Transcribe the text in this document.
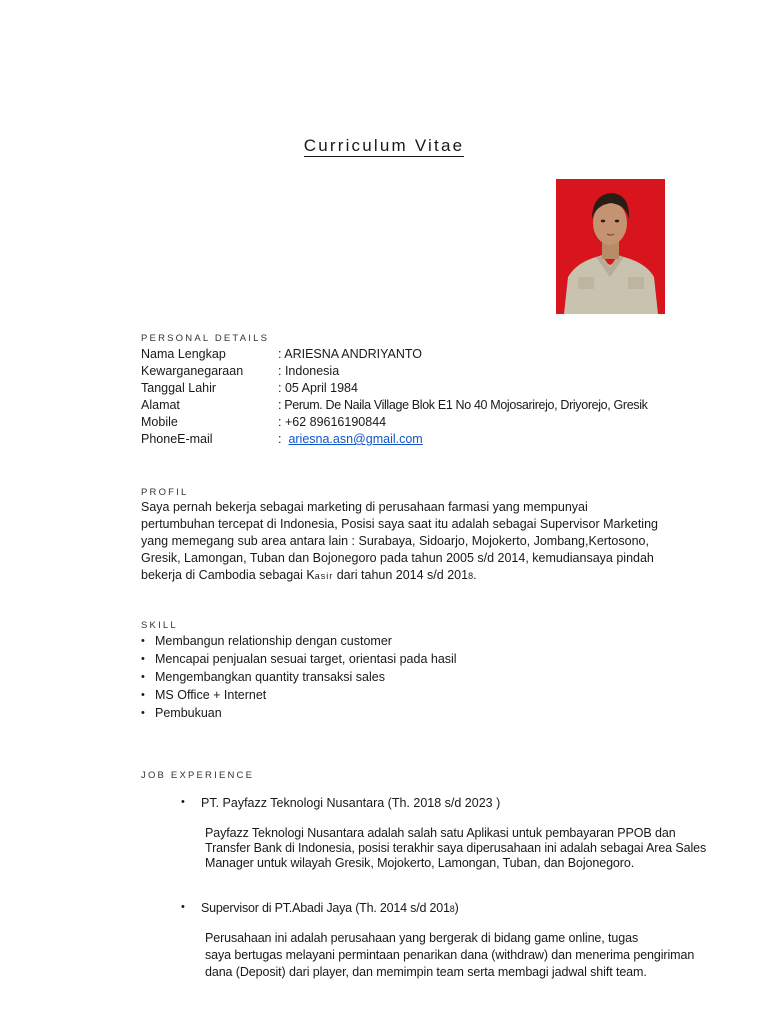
Curriculum Vitae
PERSONAL DETAILS
Nama Lengkap	: ARIESNA ANDRIYANTO
Kewarganegaraan	: Indonesia
Tanggal Lahir	: 05 April 1984
Alamat	: Perum. De Naila Village Blok E1 No 40 Mojosarirejo, Driyorejo, Gresik
Mobile	: +62 89616190844
PhoneE-mail	: ariesna.asn@gmail.com
PROFIL
Saya pernah bekerja sebagai marketing di perusahaan farmasi yang mempunyai
pertumbuhan tercepat di Indonesia, Posisi saya saat itu adalah sebagai Supervisor Marketing
yang memegang sub area antara lain : Surabaya, Sidoarjo, Mojokerto, Jombang,Kertosono,
Gresik, Lamongan, Tuban dan Bojonegoro pada tahun 2005 s/d 2014, kemudiansaya pindah
bekerja di Cambodia sebagai Kasir dari tahun 2014 s/d 2018.
SKILL
• Membangun relationship dengan customer
• Mencapai penjualan sesuai target, orientasi pada hasil
• Mengembangkan quantity transaksi sales
• MS Office + Internet
• Pembukuan
JOB EXPERIENCE
•	PT. Payfazz Teknologi Nusantara (Th. 2018 s/d 2023 )
Payfazz Teknologi Nusantara adalah salah satu Aplikasi untuk pembayaran PPOB dan
Transfer Bank di Indonesia, posisi terakhir saya diperusahaan ini adalah sebagai Area Sales
Manager untuk wilayah Gresik, Mojokerto, Lamongan, Tuban, dan Bojonegoro.
•	Supervisor di PT.Abadi Jaya (Th. 2014 s/d 2018)
Perusahaan ini adalah perusahaan yang bergerak di bidang game online, tugas
saya bertugas melayani permintaan penarikan dana (withdraw) dan menerima pengiriman
dana (Deposit) dari player, dan memimpin team serta membagi jadwal shift team.
